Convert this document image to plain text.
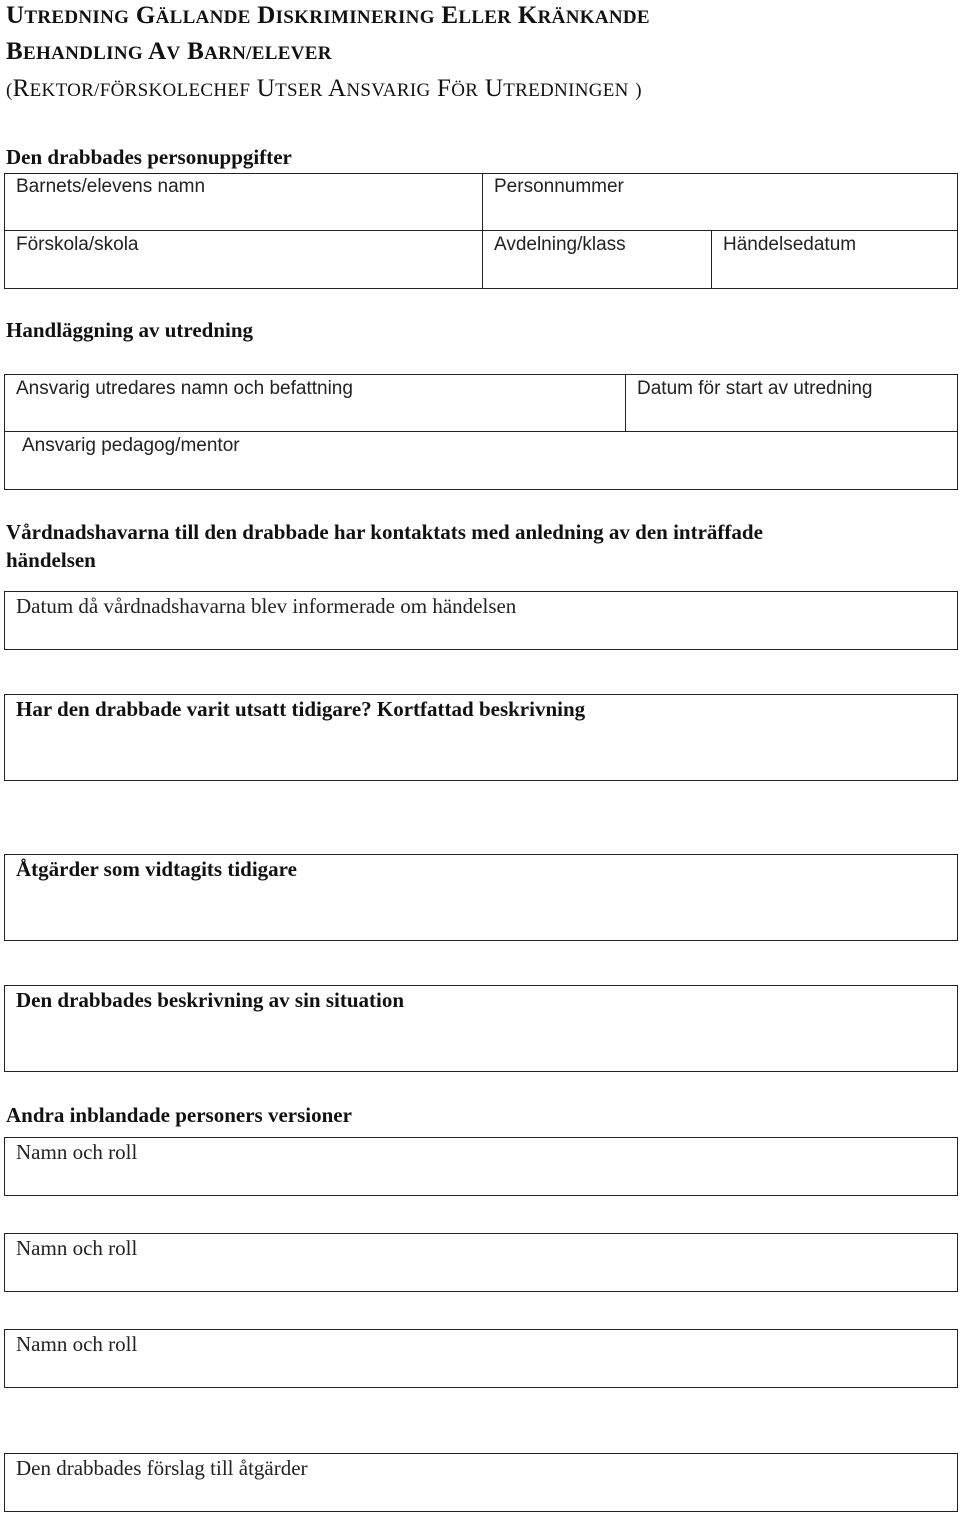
UTREDNING GÄLLANDE DISKRIMINERING ELLER KRÄNKANDE
BEHANDLING AV BARN/ELEVER
(REKTOR/FÖRSKOLECHEF UTSER ANSVARIG FÖR UTREDNINGEN )
Den drabbades personuppgifter
Barnets/elevens namn	Personnummer
Förskola/skola	Avdelning/klass	Händelsedatum
Handläggning av utredning
Ansvarig utredares namn och befattning	Datum för start av utredning
Ansvarig pedagog/mentor
Vårdnadshavarna till den drabbade har kontaktats med anledning av den inträffade
händelsen
Datum då vårdnadshavarna blev informerade om händelsen
Har den drabbade varit utsatt tidigare? Kortfattad beskrivning
Åtgärder som vidtagits tidigare
Den drabbades beskrivning av sin situation
Andra inblandade personers versioner
Namn och roll
Namn och roll
Namn och roll
Den drabbades förslag till åtgärder
